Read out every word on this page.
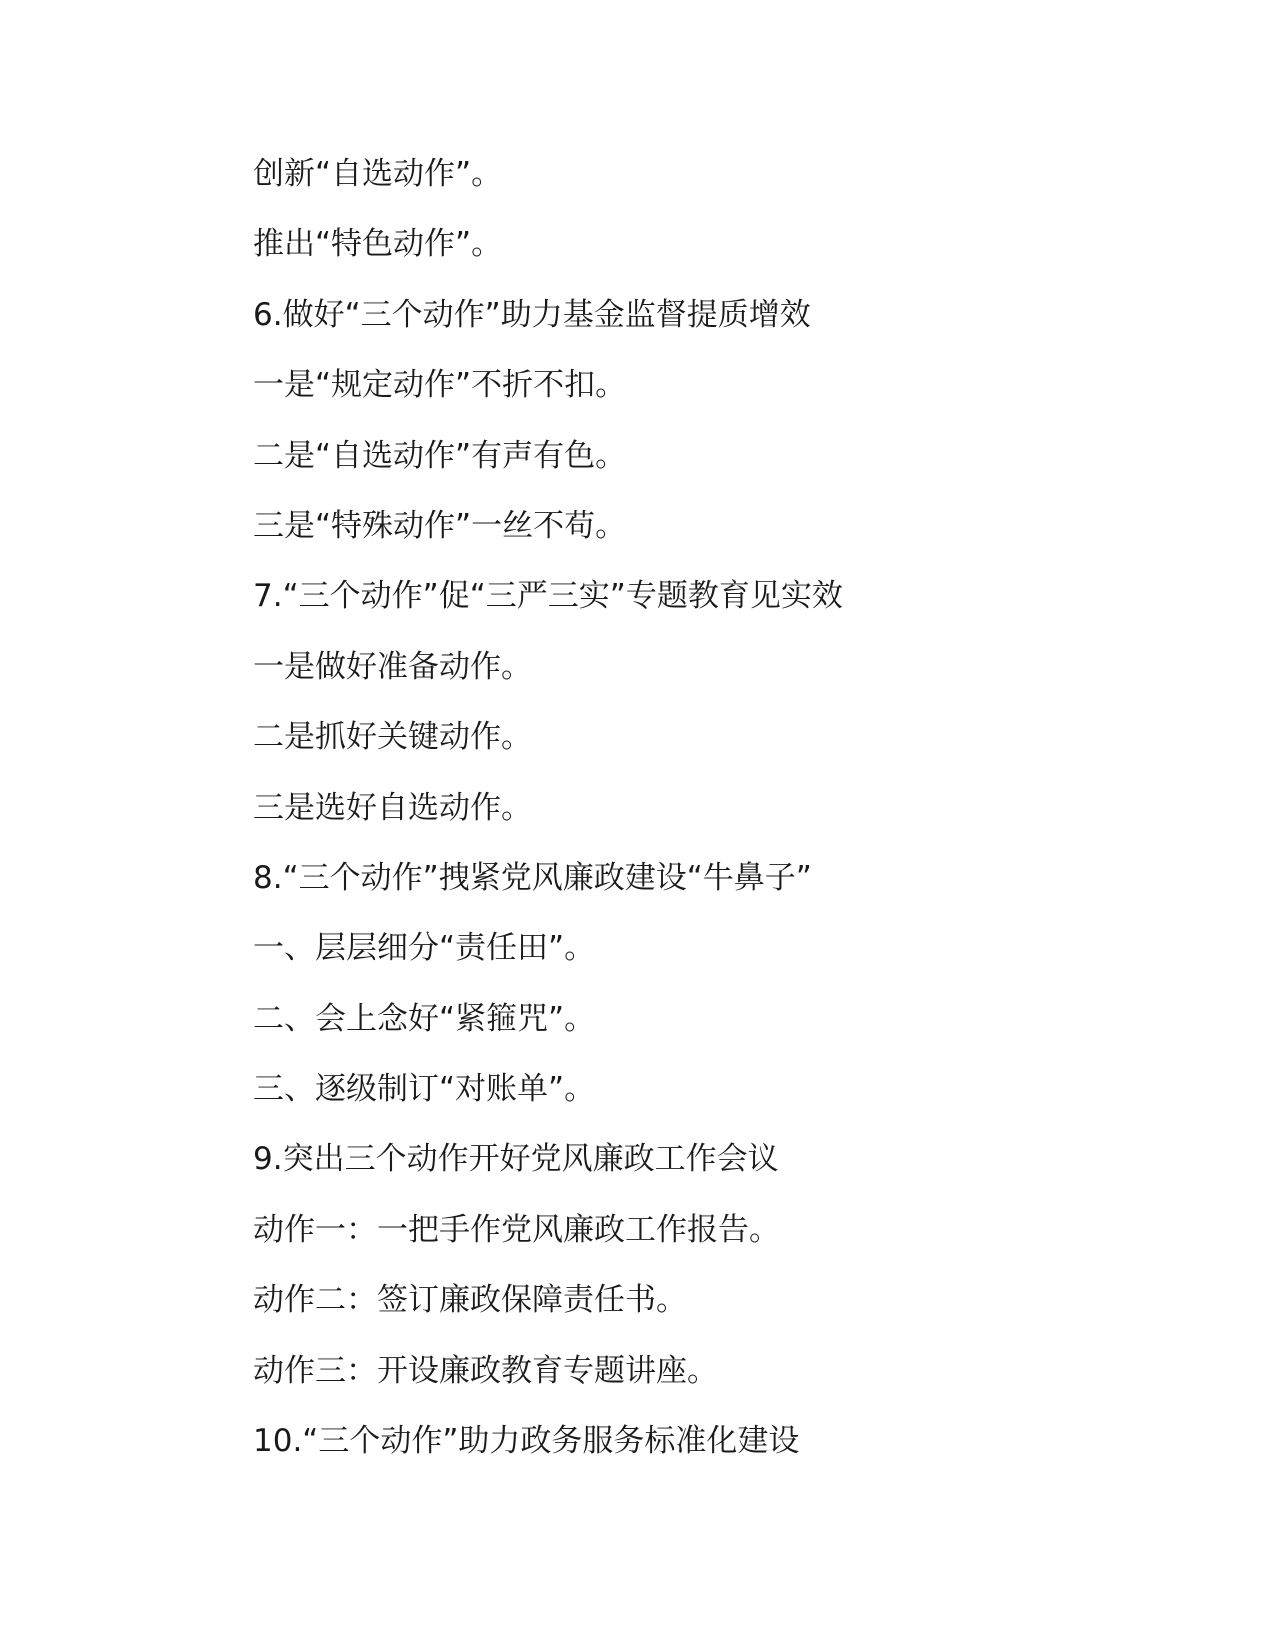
创新“自选动作”。
推出“特色动作”。
6.做好“三个动作”助力基金监督提质增效
一是“规定动作”不折不扣。
二是“自选动作”有声有色。
三是“特殊动作”一丝不苟。
7.“三个动作”促“三严三实”专题教育见实效
一是做好准备动作。
二是抓好关键动作。
三是选好自选动作。
8.“三个动作”拽紧党风廉政建设“牛鼻子”
一、层层细分“责任田”。
二、会上念好“紧箍咒”。
三、逐级制订“对账单”。
9.突出三个动作开好党风廉政工作会议
动作一：一把手作党风廉政工作报告。
动作二：签订廉政保障责任书。
动作三：开设廉政教育专题讲座。
10.“三个动作”助力政务服务标准化建设
